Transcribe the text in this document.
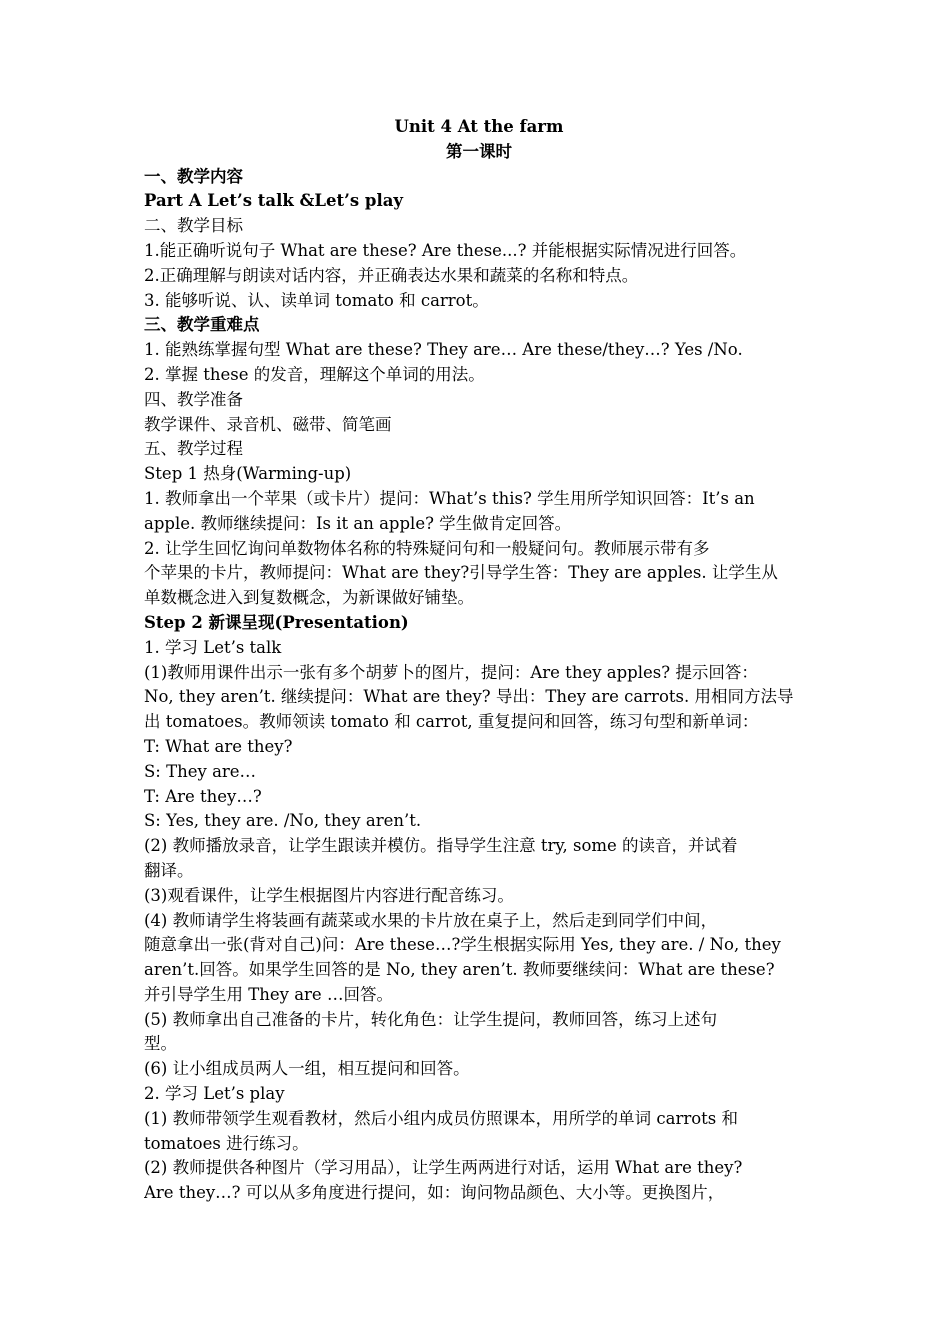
Unit 4 At the farm
第一课时
一、教学内容
Part A Let’s talk &Let’s play
二、教学目标
1.能正确听说句子 What are these? Are these...? 并能根据实际情况进行回答。
2.正确理解与朗读对话内容，并正确表达水果和蔬菜的名称和特点。
3. 能够听说、认、读单词 tomato 和 carrot。
三、教学重难点
1. 能熟练掌握句型 What are these? They are… Are these/they…? Yes /No.
2. 掌握 these 的发音，理解这个单词的用法。
四、教学准备
教学课件、录音机、磁带、简笔画
五、教学过程
Step 1 热身(Warming-up)
1. 教师拿出一个苹果（或卡片）提问：What’s this? 学生用所学知识回答：It’s an
apple. 教师继续提问：Is it an apple? 学生做肯定回答。
2. 让学生回忆询问单数物体名称的特殊疑问句和一般疑问句。教师展示带有多
个苹果的卡片，教师提问：What are they?引导学生答：They are apples. 让学生从
单数概念进入到复数概念，为新课做好铺垫。
Step 2 新课呈现(Presentation)
1. 学习 Let’s talk
(1)教师用课件出示一张有多个胡萝卜的图片，提问：Are they apples? 提示回答：
No, they aren’t. 继续提问：What are they? 导出：They are carrots. 用相同方法导
出 tomatoes。教师领读 tomato 和 carrot, 重复提问和回答，练习句型和新单词：
T: What are they?
S: They are…
T: Are they…?
S: Yes, they are. /No, they aren’t.
(2) 教师播放录音，让学生跟读并模仿。指导学生注意 try, some 的读音，并试着
翻译。
(3)观看课件，让学生根据图片内容进行配音练习。
(4) 教师请学生将装画有蔬菜或水果的卡片放在桌子上，然后走到同学们中间，
随意拿出一张(背对自己)问：Are these…?学生根据实际用 Yes, they are. / No, they
aren’t.回答。如果学生回答的是 No, they aren’t. 教师要继续问：What are these?
并引导学生用 They are …回答。
(5) 教师拿出自己准备的卡片，转化角色：让学生提问，教师回答，练习上述句
型。
(6) 让小组成员两人一组，相互提问和回答。
2. 学习 Let’s play
(1) 教师带领学生观看教材，然后小组内成员仿照课本，用所学的单词 carrots 和
tomatoes 进行练习。
(2) 教师提供各种图片（学习用品），让学生两两进行对话，运用 What are they?
Are they…? 可以从多角度进行提问，如：询问物品颜色、大小等。更换图片，
